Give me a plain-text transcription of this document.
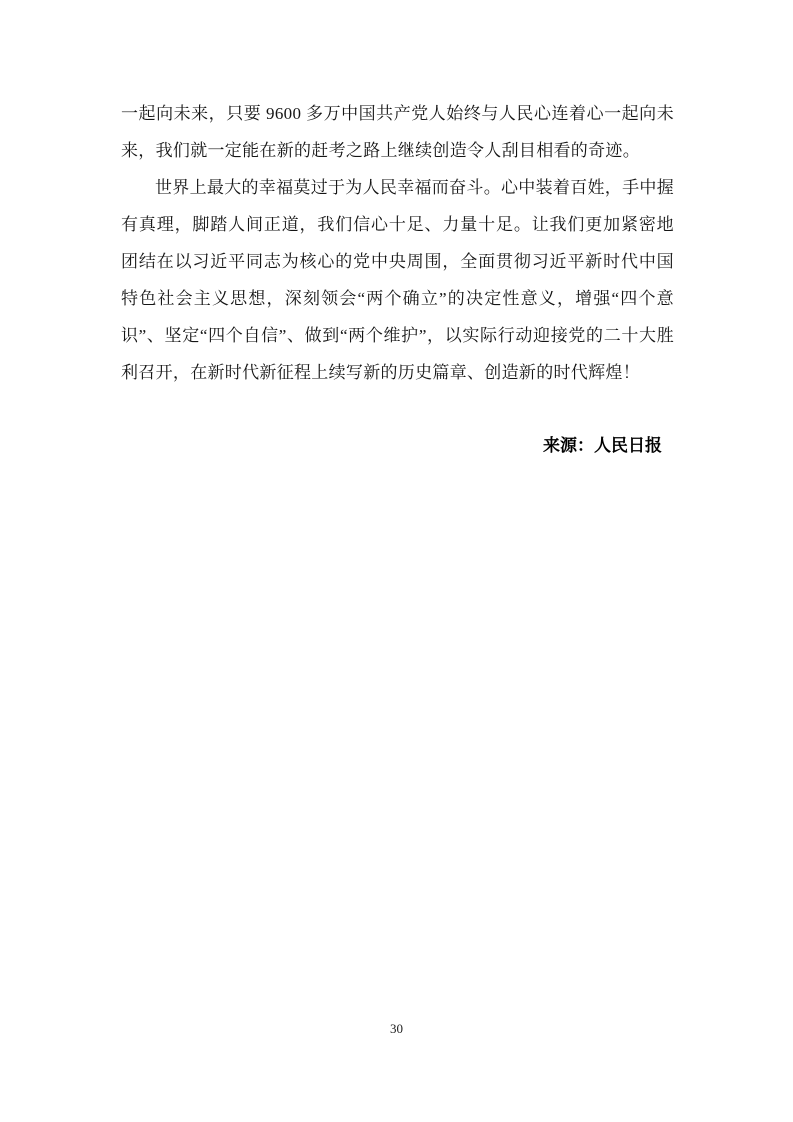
一起向未来，只要 9600 多万中国共产党人始终与人民心连着心一起向未来，我们就一定能在新的赶考之路上继续创造令人刮目相看的奇迹。

世界上最大的幸福莫过于为人民幸福而奋斗。心中装着百姓，手中握有真理，脚踏人间正道，我们信心十足、力量十足。让我们更加紧密地团结在以习近平同志为核心的党中央周围，全面贯彻习近平新时代中国特色社会主义思想，深刻领会“两个确立”的决定性意义，增强“四个意识”、坚定“四个自信”、做到“两个维护”，以实际行动迎接党的二十大胜利召开，在新时代新征程上续写新的历史篇章、创造新的时代辉煌！

来源：人民日报
30
